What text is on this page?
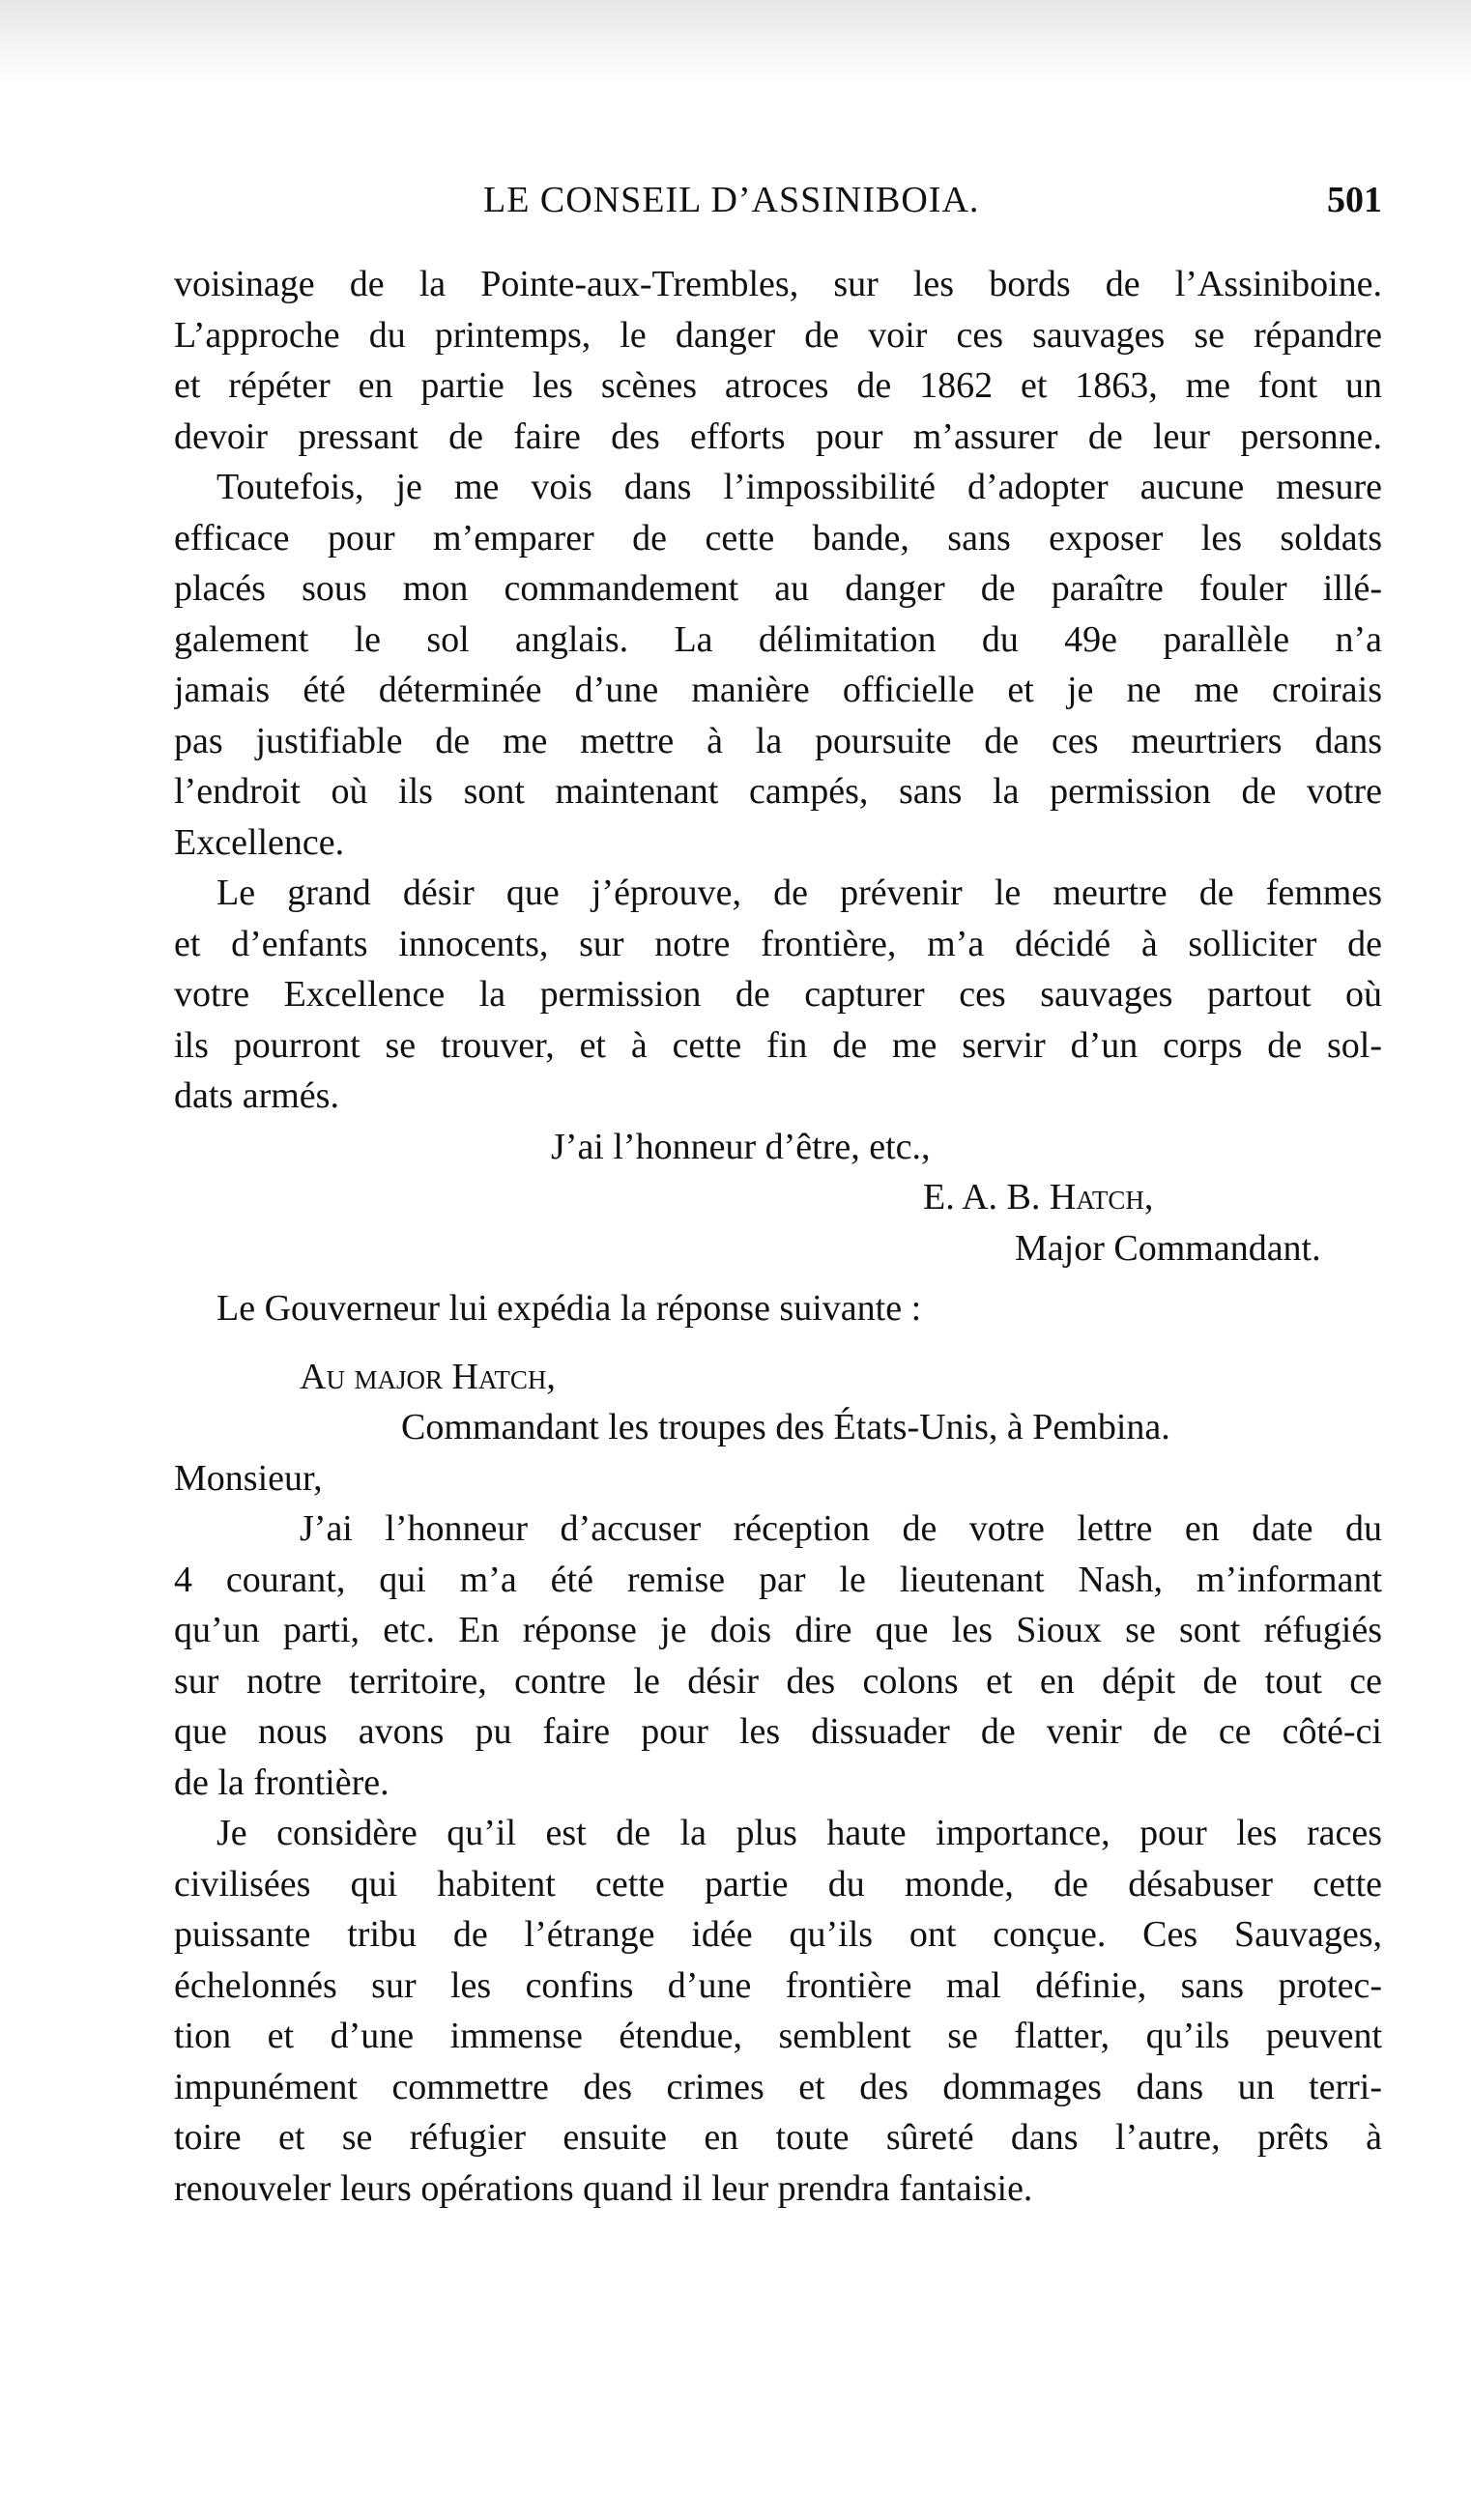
LE CONSEIL D’ASSINIBOIA.	501
voisinage de la Pointe-aux-Trembles, sur les bords de l’Assiniboine.
L’approche du printemps, le danger de voir ces sauvages se répandre
et répéter en partie les scènes atroces de 1862 et 1863, me font un
devoir pressant de faire des efforts pour m’assurer de leur personne.
Toutefois, je me vois dans l’impossibilité d’adopter aucune mesure
efficace pour m’emparer de cette bande, sans exposer les soldats
placés sous mon commandement au danger de paraître fouler illé-
galement le sol anglais. La délimitation du 49e parallèle n’a
jamais été déterminée d’une manière officielle et je ne me croirais
pas justifiable de me mettre à la poursuite de ces meurtriers dans
l’endroit où ils sont maintenant campés, sans la permission de votre
Excellence.
Le grand désir que j’éprouve, de prévenir le meurtre de femmes
et d’enfants innocents, sur notre frontière, m’a décidé à solliciter de
votre Excellence la permission de capturer ces sauvages partout où
ils pourront se trouver, et à cette fin de me servir d’un corps de sol-
dats armés.
J’ai l’honneur d’être, etc.,
E. A. B. Hatch,
Major Commandant.
Le Gouverneur lui expédia la réponse suivante :
Au major Hatch,
Commandant les troupes des États-Unis, à Pembina.
Monsieur,
J’ai l’honneur d’accuser réception de votre lettre en date du
4 courant, qui m’a été remise par le lieutenant Nash, m’informant
qu’un parti, etc. En réponse je dois dire que les Sioux se sont réfugiés
sur notre territoire, contre le désir des colons et en dépit de tout ce
que nous avons pu faire pour les dissuader de venir de ce côté-ci
de la frontière.
Je considère qu’il est de la plus haute importance, pour les races
civilisées qui habitent cette partie du monde, de désabuser cette
puissante tribu de l’étrange idée qu’ils ont conçue. Ces Sauvages,
échelonnés sur les confins d’une frontière mal définie, sans protec-
tion et d’une immense étendue, semblent se flatter, qu’ils peuvent
impunément commettre des crimes et des dommages dans un terri-
toire et se réfugier ensuite en toute sûreté dans l’autre, prêts à
renouveler leurs opérations quand il leur prendra fantaisie.
